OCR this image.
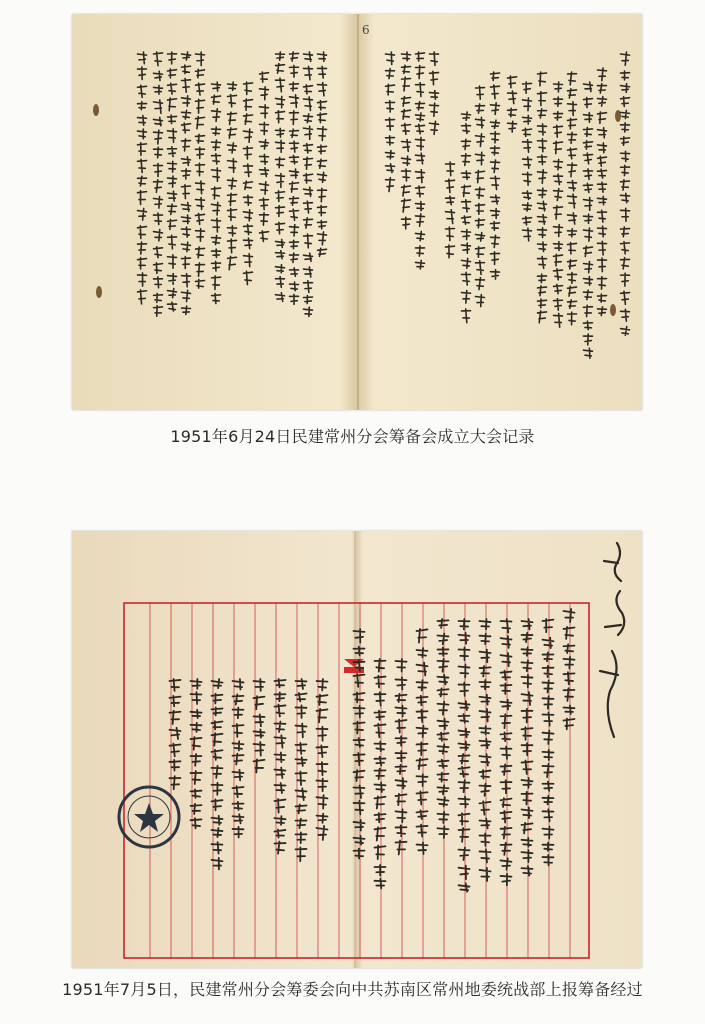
6
1951年6月24日民建常州分会筹备会成立大会记录
1951年7月5日，民建常州分会筹委会向中共苏南区常州地委统战部上报筹备经过
